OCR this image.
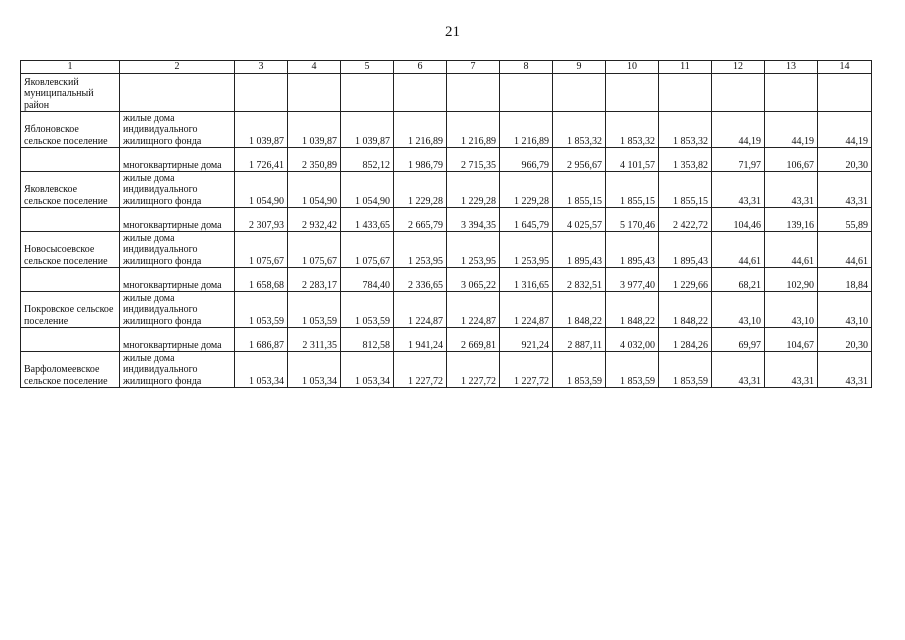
21
1	2	3	4	5	6	7	8	9	10	11	12	13	14
Яковлевский муниципальный район													
Яблоновское сельское поселение	жилые дома индивидуального жилищного фонда	1 039,87	1 039,87	1 039,87	1 216,89	1 216,89	1 216,89	1 853,32	1 853,32	1 853,32	44,19	44,19	44,19
	многоквартирные дома	1 726,41	2 350,89	852,12	1 986,79	2 715,35	966,79	2 956,67	4 101,57	1 353,82	71,97	106,67	20,30
Яковлевское сельское поселение	жилые дома индивидуального жилищного фонда	1 054,90	1 054,90	1 054,90	1 229,28	1 229,28	1 229,28	1 855,15	1 855,15	1 855,15	43,31	43,31	43,31
	многоквартирные дома	2 307,93	2 932,42	1 433,65	2 665,79	3 394,35	1 645,79	4 025,57	5 170,46	2 422,72	104,46	139,16	55,89
Новосысоевское сельское поселение	жилые дома индивидуального жилищного фонда	1 075,67	1 075,67	1 075,67	1 253,95	1 253,95	1 253,95	1 895,43	1 895,43	1 895,43	44,61	44,61	44,61
	многоквартирные дома	1 658,68	2 283,17	784,40	2 336,65	3 065,22	1 316,65	2 832,51	3 977,40	1 229,66	68,21	102,90	18,84
Покровское сельское поселение	жилые дома индивидуального жилищного фонда	1 053,59	1 053,59	1 053,59	1 224,87	1 224,87	1 224,87	1 848,22	1 848,22	1 848,22	43,10	43,10	43,10
	многоквартирные дома	1 686,87	2 311,35	812,58	1 941,24	2 669,81	921,24	2 887,11	4 032,00	1 284,26	69,97	104,67	20,30
Варфоломеевское сельское поселение	жилые дома индивидуального жилищного фонда	1 053,34	1 053,34	1 053,34	1 227,72	1 227,72	1 227,72	1 853,59	1 853,59	1 853,59	43,31	43,31	43,31
